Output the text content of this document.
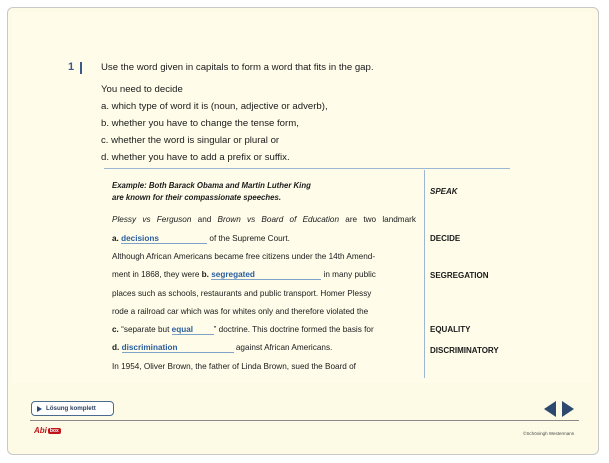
1	Use the word given in capitals to form a word that fits in the gap.
You need to decide
a. which type of word it is (noun, adjective or adverb),
b. whether you have to change the tense form,
c. whether the word is singular or plural or
d. whether you have to add a prefix or suffix.
Example: Both Barack Obama and Martin Luther King
are known for their compassionate speeches.
SPEAK
Plessy vs Ferguson and Brown vs Board of Education are two landmark
a. decisions	of the Supreme Court.
Although African Americans became free citizens under the 14th Amend-
ment in 1868, they were b. segregated	in many public
places such as schools, restaurants and public transport. Homer Plessy
rode a railroad car which was for whites only and therefore violated the
c. “separate but equal	” doctrine. This doctrine formed the basis for
d. discrimination	against African Americans.
In 1954, Oliver Brown, the father of Linda Brown, sued the Board of
DECIDE
SEGREGATION
EQUALITY
DISCRIMINATORY
Lösung komplett
Abi box	©Schöningh Westermann
